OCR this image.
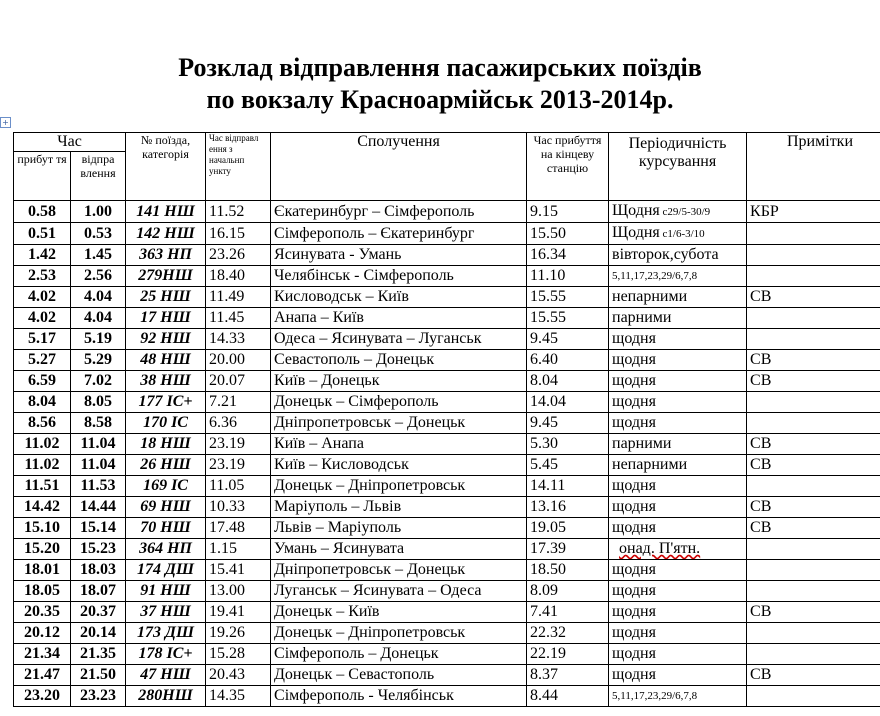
Розклад відправлення пасажирських поїздів
по вокзалу Красноармійськ 2013-2014р.
+
Час		№ поїзда, категорія	Час відправл ення з начальнп ункту	Сполучення	Час прибуття на кінцеву станцію	Періодичність курсування	Примітки
прибут тя	відпра влення						
0.58	1.00	141 НШ	11.52	Єкатеринбург – Сімферополь	9.15	Щодня с29/5-30/9	КБР
0.51	0.53	142 НШ	16.15	Сімферополь – Єкатеринбург	15.50	Щодня с1/6-3/10	
1.42	1.45	363 НП	23.26	Ясинувата - Умань	16.34	вівторок,субота	
2.53	2.56	279НШ	18.40	Челябінськ - Сімферополь	11.10	5,11,17,23,29/6,7,8	
4.02	4.04	25 НШ	11.49	Кисловодськ – Київ	15.55	непарними	СВ
4.02	4.04	17 НШ	11.45	Анапа – Київ	15.55	парними	
5.17	5.19	92 НШ	14.33	Одеса – Ясинувата – Луганськ	9.45	щодня	
5.27	5.29	48 НШ	20.00	Севастополь – Донецьк	6.40	щодня	СВ
6.59	7.02	38 НШ	20.07	Київ – Донецьк	8.04	щодня	СВ
8.04	8.05	177 ІС+	7.21	Донецьк – Сімферополь	14.04	щодня	
8.56	8.58	170 ІС	6.36	Дніпропетровськ – Донецьк	9.45	щодня	
11.02	11.04	18 НШ	23.19	Київ – Анапа	5.30	парними	СВ
11.02	11.04	26 НШ	23.19	Київ – Кисловодськ	5.45	непарними	СВ
11.51	11.53	169 ІС	11.05	Донецьк – Дніпропетровськ	14.11	щодня	
14.42	14.44	69 НШ	10.33	Маріуполь – Львів	13.16	щодня	СВ
15.10	15.14	70 НШ	17.48	Львів – Маріуполь	19.05	щодня	СВ
15.20	15.23	364 НП	1.15	Умань – Ясинувата	17.39	онад. П'ятн.	
18.01	18.03	174 ДШ	15.41	Дніпропетровськ – Донецьк	18.50	щодня	
18.05	18.07	91 НШ	13.00	Луганськ – Ясинувата – Одеса	8.09	щодня	
20.35	20.37	37 НШ	19.41	Донецьк – Київ	7.41	щодня	СВ
20.12	20.14	173 ДШ	19.26	Донецьк – Дніпропетровськ	22.32	щодня	
21.34	21.35	178 ІС+	15.28	Сімферополь – Донецьк	22.19	щодня	
21.47	21.50	47 НШ	20.43	Донецьк – Севастополь	8.37	щодня	СВ
23.20	23.23	280НШ	14.35	Сімферополь - Челябінськ	8.44	5,11,17,23,29/6,7,8	
